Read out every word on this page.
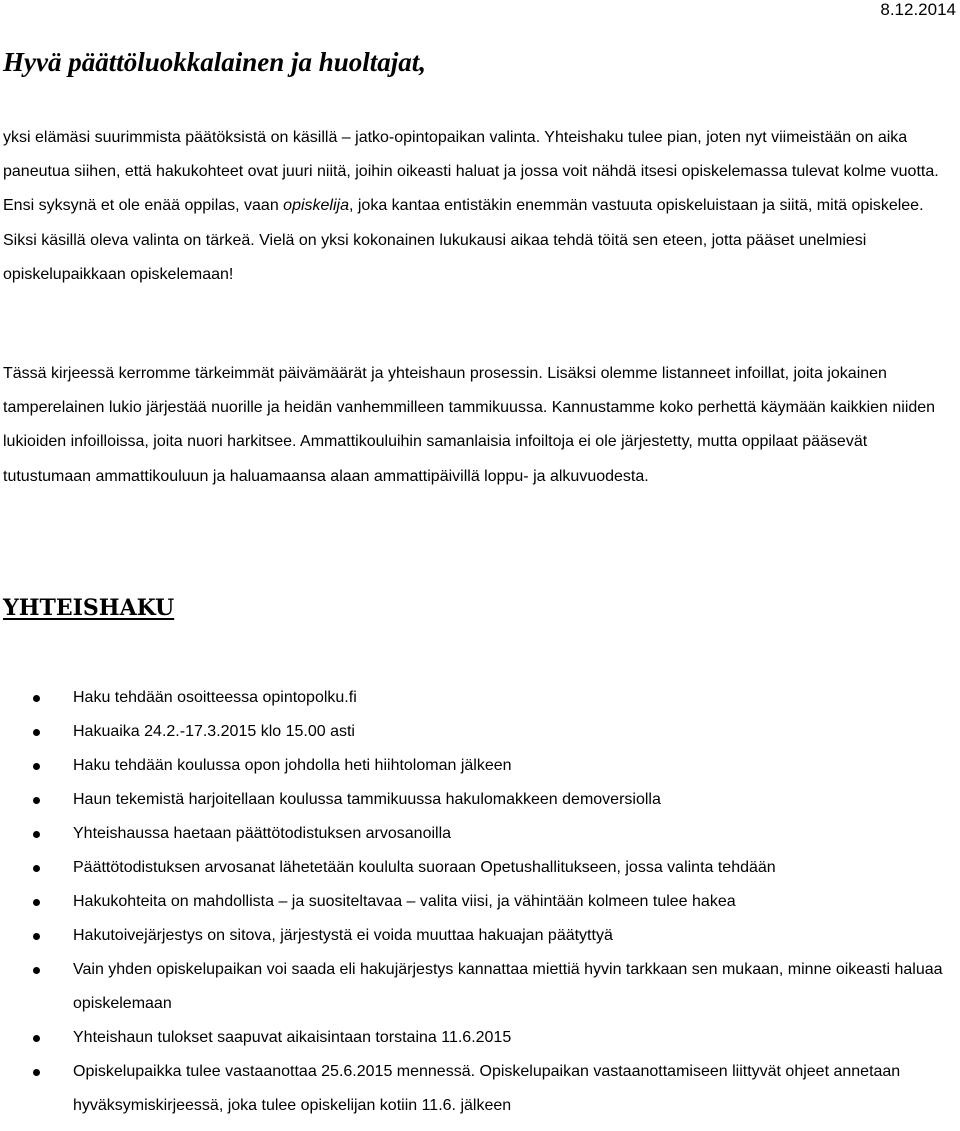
8.12.2014
Hyvä päättöluokkalainen ja huoltajat,

yksi elämäsi suurimmista päätöksistä on käsillä – jatko-opintopaikan valinta. Yhteishaku tulee pian, joten nyt viimeistään on aika paneutua siihen, että hakukohteet ovat juuri niitä, joihin oikeasti haluat ja jossa voit nähdä itsesi opiskelemassa tulevat kolme vuotta. Ensi syksynä et ole enää oppilas, vaan opiskelija, joka kantaa entistäkin enemmän vastuuta opiskeluistaan ja siitä, mitä opiskelee. Siksi käsillä oleva valinta on tärkeä. Vielä on yksi kokonainen lukukausi aikaa tehdä töitä sen eteen, jotta pääset unelmiesi opiskelupaikkaan opiskelemaan!

Tässä kirjeessä kerromme tärkeimmät päivämäärät ja yhteishaun prosessin. Lisäksi olemme listanneet infoillat, joita jokainen tamperelainen lukio järjestää nuorille ja heidän vanhemmilleen tammikuussa. Kannustamme koko perhettä käymään kaikkien niiden lukioiden infoilloissa, joita nuori harkitsee. Ammattikouluihin samanlaisia infoiltoja ei ole järjestetty, mutta oppilaat pääsevät tutustumaan ammattikouluun ja haluamaansa alaan ammattipäivillä loppu- ja alkuvuodesta.

YHTEISHAKU
Haku tehdään osoitteessa opintopolku.fi
Hakuaika 24.2.-17.3.2015 klo 15.00 asti
Haku tehdään koulussa opon johdolla heti hiihtoloman jälkeen
Haun tekemistä harjoitellaan koulussa tammikuussa hakulomakkeen demoversiolla
Yhteishaussa haetaan päättötodistuksen arvosanoilla
Päättötodistuksen arvosanat lähetetään koululta suoraan Opetushallitukseen, jossa valinta tehdään
Hakukohteita on mahdollista – ja suositeltavaa – valita viisi, ja vähintään kolmeen tulee hakea
Hakutoivejärjestys on sitova, järjestystä ei voida muuttaa hakuajan päätyttyä
Vain yhden opiskelupaikan voi saada eli hakujärjestys kannattaa miettiä hyvin tarkkaan sen mukaan, minne oikeasti haluaa opiskelemaan
Yhteishaun tulokset saapuvat aikaisintaan torstaina 11.6.2015
Opiskelupaikka tulee vastaanottaa 25.6.2015 mennessä. Opiskelupaikan vastaanottamiseen liittyvät ohjeet annetaan hyväksymiskirjeessä, joka tulee opiskelijan kotiin 11.6. jälkeen
